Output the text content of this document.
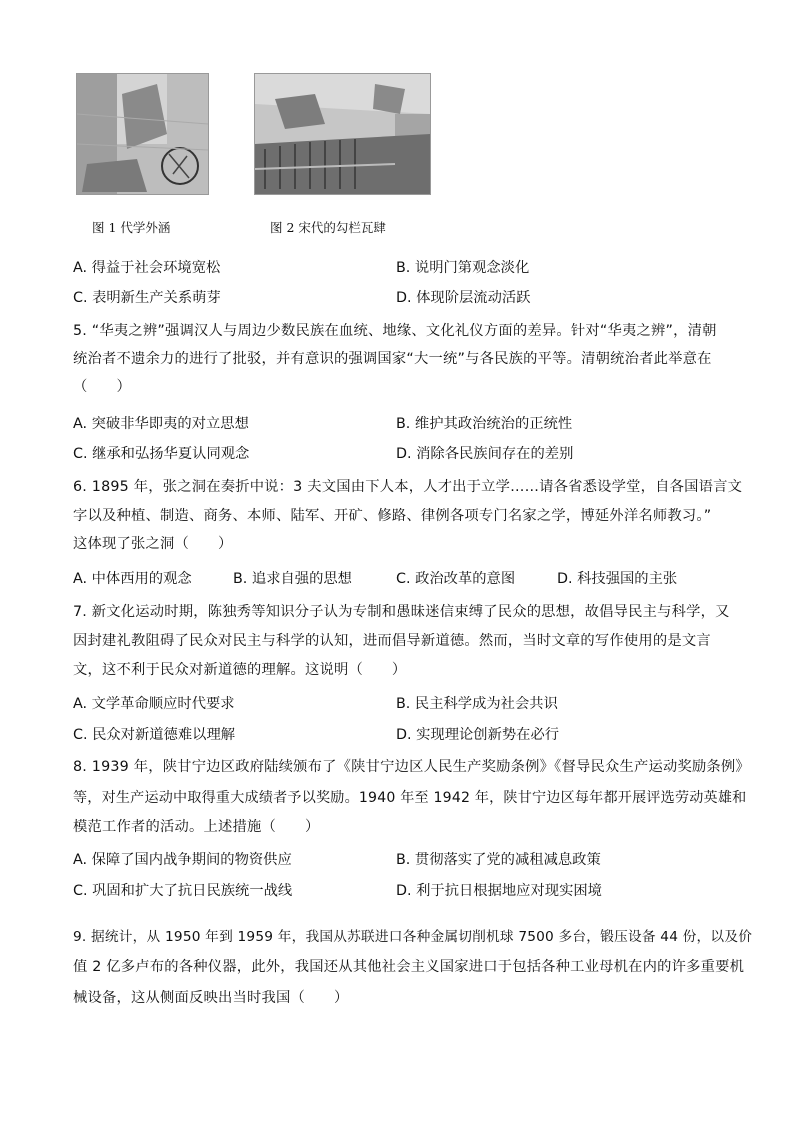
图 1 代学外涵	图 2 宋代的勾栏瓦肆
A. 得益于社会环境宽松	B. 说明门第观念淡化
C. 表明新生产关系萌芽	D. 体现阶层流动活跃
5. “华夷之辨”强调汉人与周边少数民族在血统、地缘、文化礼仪方面的差异。针对“华夷之辨”，清朝
统治者不遗余力的进行了批驳，并有意识的强调国家“大一统”与各民族的平等。清朝统治者此举意在
（　　）
A. 突破非华即夷的对立思想	B. 维护其政治统治的正统性
C. 继承和弘扬华夏认同观念	D. 消除各民族间存在的差别
6. 1895 年，张之洞在奏折中说：3 夫文国由下人本，人才出于立学……请各省悉设学堂，自各国语言文
字以及种植、制造、商务、本师、陆军、开矿、修路、律例各项专门名家之学，博延外洋名师教习。”
这体现了张之洞（　　）
A. 中体西用的观念	B. 追求自强的思想	C. 政治改革的意图	D. 科技强国的主张
7. 新文化运动时期，陈独秀等知识分子认为专制和愚昧迷信束缚了民众的思想，故倡导民主与科学，又
因封建礼教阻碍了民众对民主与科学的认知，进而倡导新道德。然而，当时文章的写作使用的是文言
文，这不利于民众对新道德的理解。这说明（　　）
A. 文学革命顺应时代要求	B. 民主科学成为社会共识
C. 民众对新道德难以理解	D. 实现理论创新势在必行
8. 1939 年，陕甘宁边区政府陆续颁布了《陕甘宁边区人民生产奖励条例》《督导民众生产运动奖励条例》
等，对生产运动中取得重大成绩者予以奖励。1940 年至 1942 年，陕甘宁边区每年都开展评选劳动英雄和
模范工作者的活动。上述措施（　　）
A. 保障了国内战争期间的物资供应	B. 贯彻落实了党的减租减息政策
C. 巩固和扩大了抗日民族统一战线	D. 利于抗日根据地应对现实困境
9. 据统计，从 1950 年到 1959 年，我国从苏联进口各种金属切削机球 7500 多台，锻压设备 44 份，以及价
值 2 亿多卢布的各种仪器，此外，我国还从其他社会主义国家进口于包括各种工业母机在内的许多重要机
械设备，这从侧面反映出当时我国（　　）
